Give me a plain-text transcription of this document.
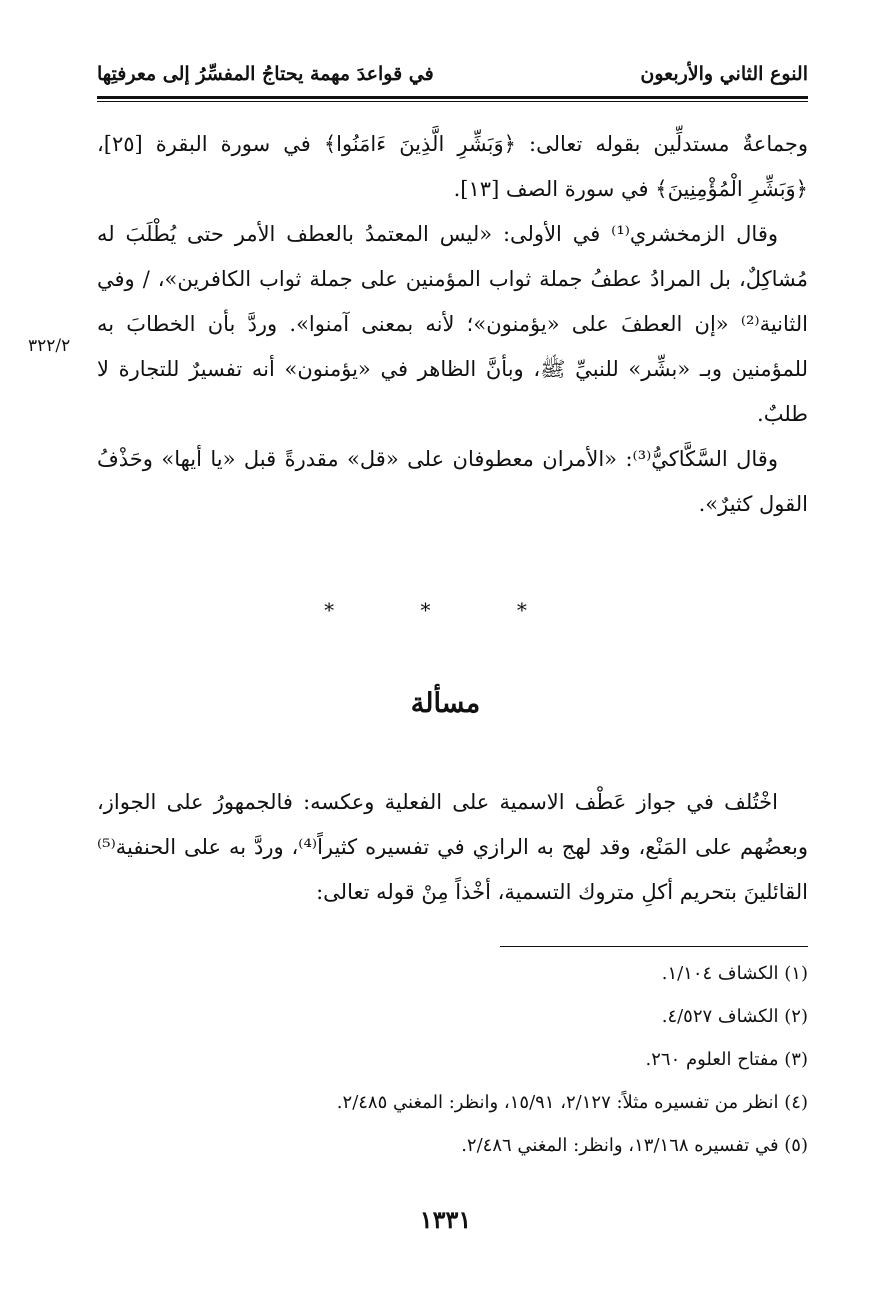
النوع الثاني والأربعون
في قواعدَ مهمة يحتاجُ المفسِّرُ إلى معرفتِها

وجماعةٌ مستدلِّين بقوله تعالى: ﴿وَبَشِّرِ الَّذِينَ ءَامَنُوا﴾ في سورة البقرة [٢٥]، ﴿وَبَشِّرِ الْمُؤْمِنِينَ﴾ في سورة الصف [١٣].

وقال الزمخشري⁽¹⁾ في الأولى: «ليس المعتمدُ بالعطف الأمر حتى يُطْلَبَ له مُشاكِلٌ، بل المرادُ عطفُ جملة ثواب المؤمنين على جملة ثواب الكافرين»، / وفي الثانية⁽²⁾ «إن العطفَ على «يؤمنون»؛ لأنه بمعنى آمنوا». وردَّ بأن الخطابَ به للمؤمنين وبـ «بشِّر» للنبيِّ ﷺ، وبأنَّ الظاهر في «يؤمنون» أنه تفسيرٌ للتجارة لا طلبٌ.

وقال السَّكَّاكيُّ⁽³⁾: «الأمران معطوفان على «قل» مقدرةً قبل «يا أيها» وحَذْفُ القول كثيرٌ».

٣٢٢/٢
* * *
مسألة

اخْتُلف في جواز عَطْف الاسمية على الفعلية وعكسه: فالجمهورُ على الجواز، وبعضُهم على المَنْع، وقد لهج به الرازي في تفسيره كثيراً⁽⁴⁾، وردَّ به على الحنفية⁽⁵⁾ القائلينَ بتحريم أكلِ متروك التسمية، أخْذاً مِنْ قوله تعالى:

(١) الكشاف ١/١٠٤.

(٢) الكشاف ٤/٥٢٧.

(٣) مفتاح العلوم ٢٦٠.

(٤) انظر من تفسيره مثلاً: ٢/١٢٧، ١٥/٩١، وانظر: المغني ٢/٤٨٥.

(٥) في تفسيره ١٣/١٦٨، وانظر: المغني ٢/٤٨٦.

١٣٣١
